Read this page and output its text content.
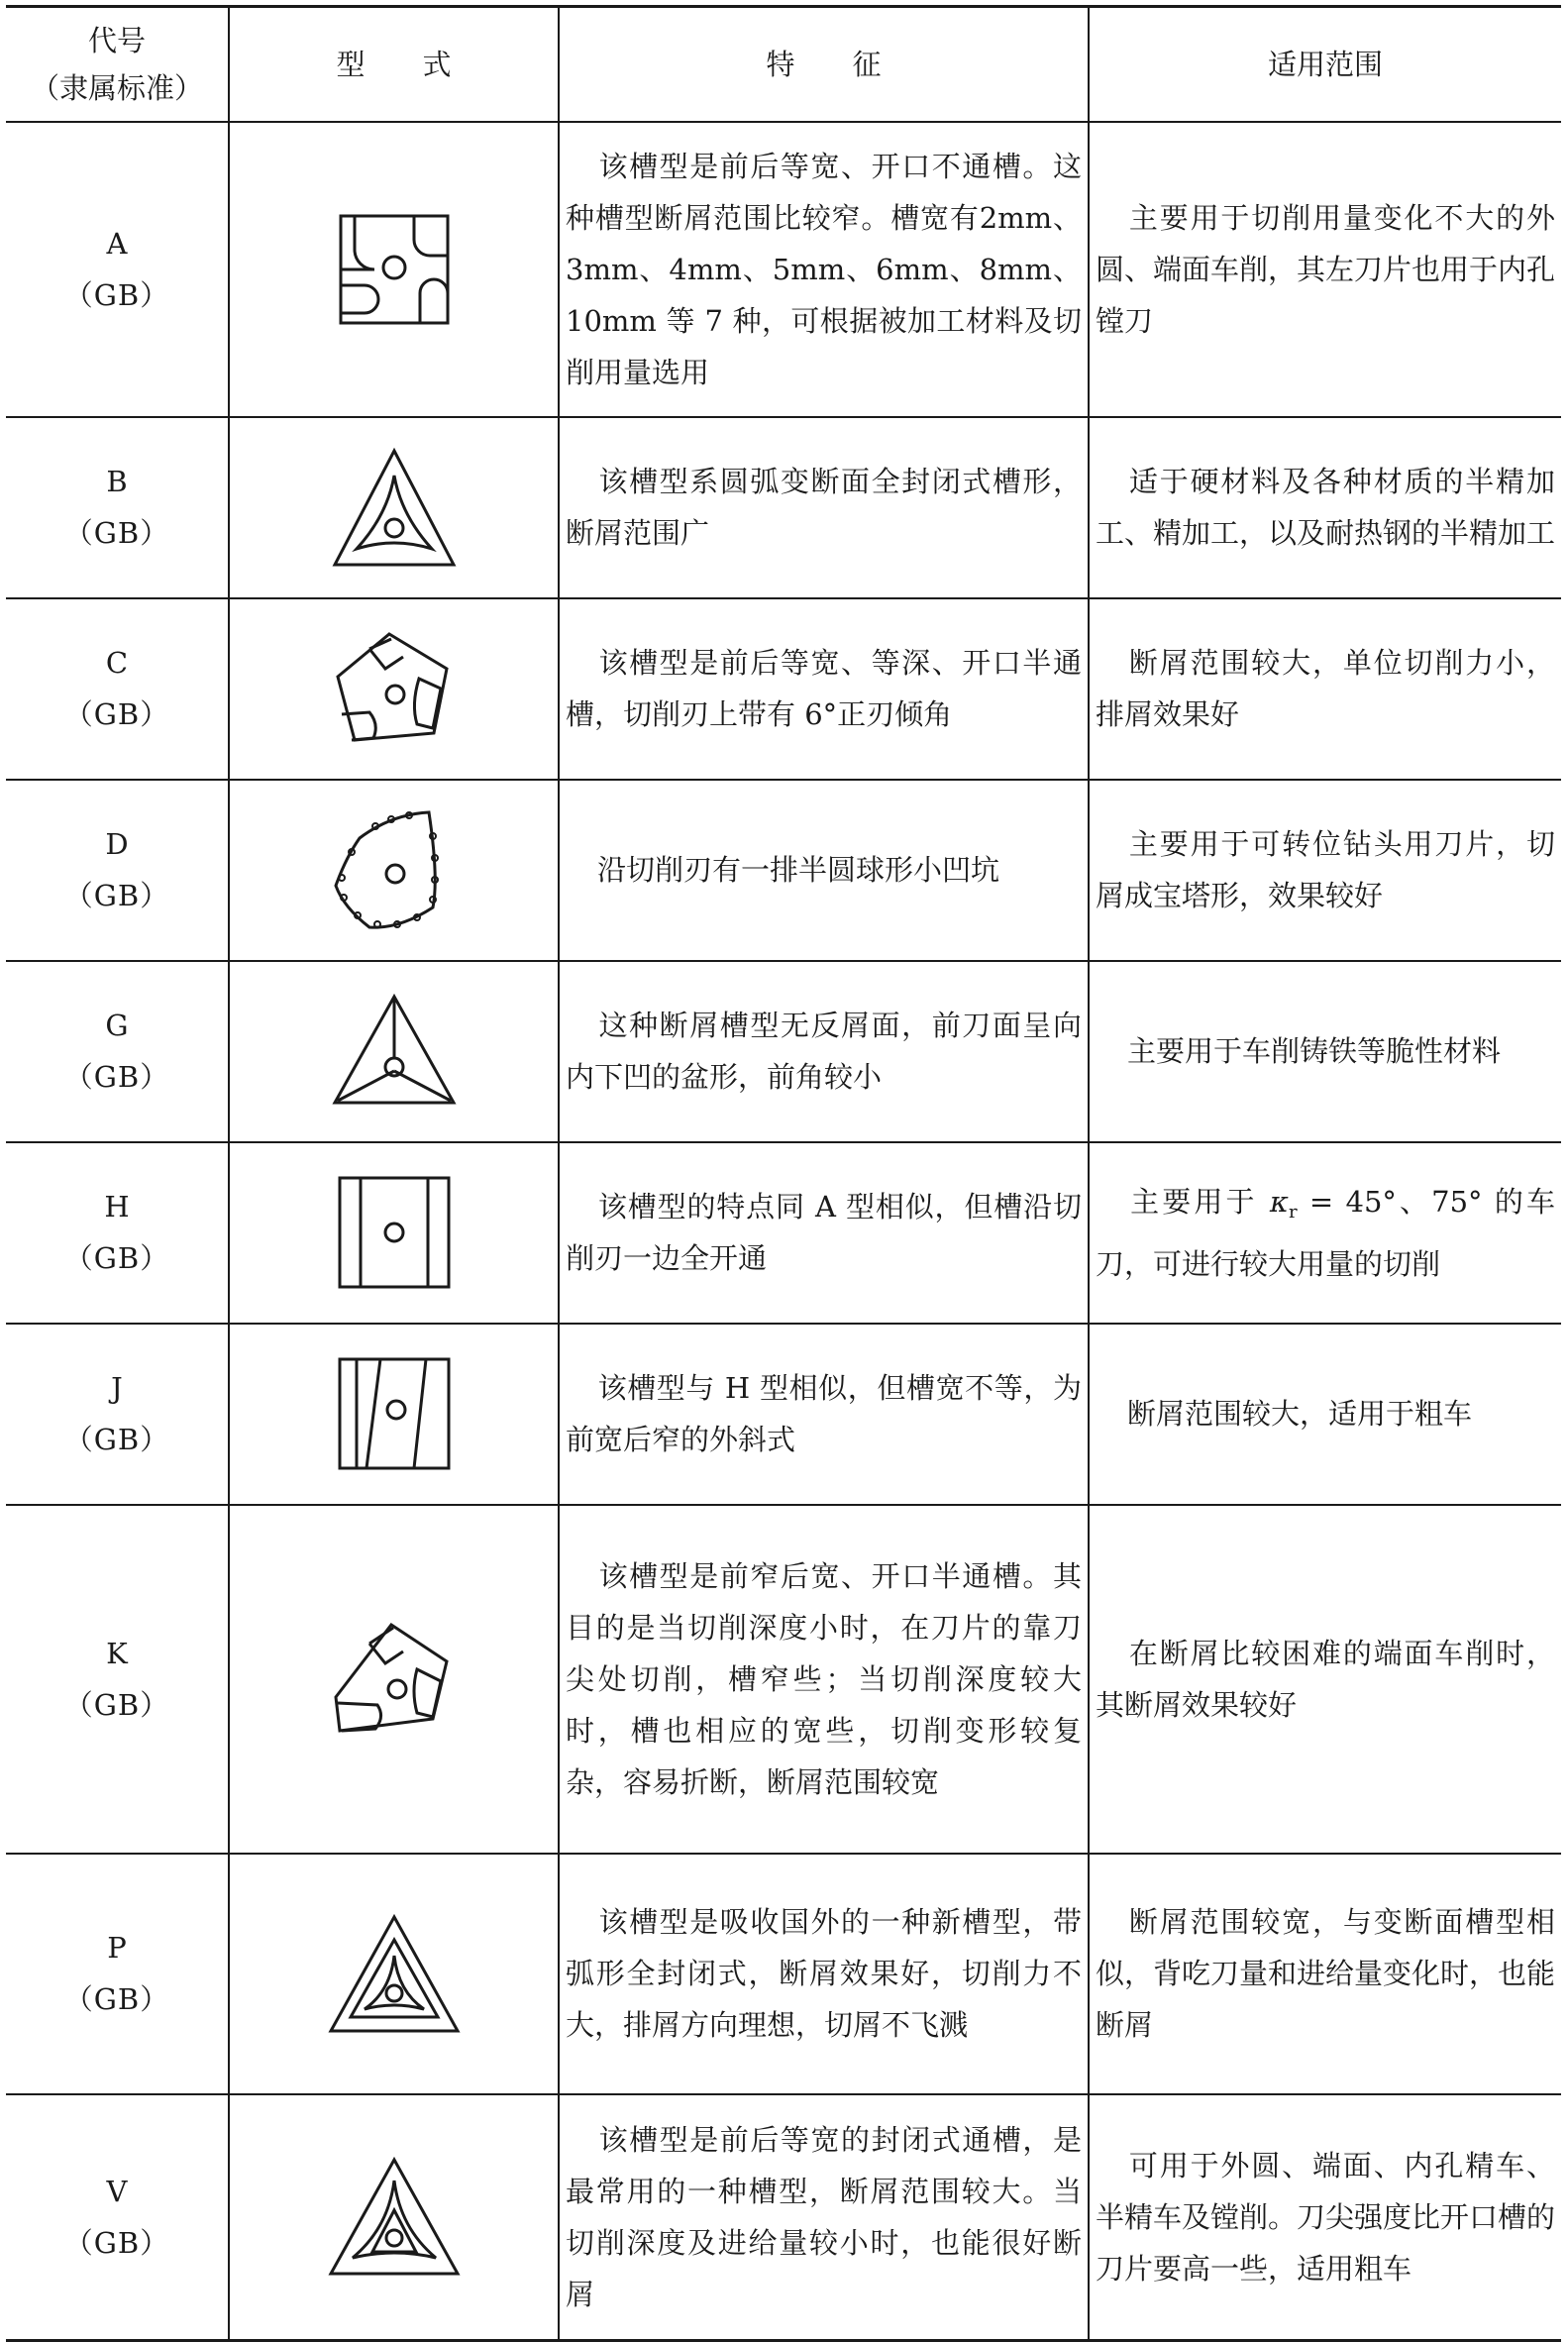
代号
（隶属标准）	型　　式	特　　征	适用范围

A
（GB）		该槽型是前后等宽、开口不通槽。这种槽型断屑范围比较窄。槽宽有2mm、3mm、4mm、5mm、6mm、8mm、10mm 等 7 种，可根据被加工材料及切削用量选用	主要用于切削用量变化不大的外圆、端面车削，其左刀片也用于内孔镗刀

B
（GB）		该槽型系圆弧变断面全封闭式槽形，断屑范围广	适于硬材料及各种材质的半精加工、精加工，以及耐热钢的半精加工

C
（GB）		该槽型是前后等宽、等深、开口半通槽，切削刃上带有 6°正刃倾角	断屑范围较大，单位切削力小，排屑效果好

D
（GB）		沿切削刃有一排半圆球形小凹坑	主要用于可转位钻头用刀片，切屑成宝塔形，效果较好

G
（GB）		这种断屑槽型无反屑面，前刀面呈向内下凹的盆形，前角较小	主要用于车削铸铁等脆性材料

H
（GB）		该槽型的特点同 A 型相似，但槽沿切削刃一边全开通	主要用于 $\kappa_r = 45^\circ$、75° 的车刀，可进行较大用量的切削

J
（GB）		该槽型与 H 型相似，但槽宽不等，为前宽后窄的外斜式	断屑范围较大，适用于粗车

K
（GB）		该槽型是前窄后宽、开口半通槽。其目的是当切削深度小时，在刀片的靠刀尖处切削，槽窄些；当切削深度较大时，槽也相应的宽些，切削变形较复杂，容易折断，断屑范围较宽	在断屑比较困难的端面车削时，其断屑效果较好

P
（GB）		该槽型是吸收国外的一种新槽型，带弧形全封闭式，断屑效果好，切削力不大，排屑方向理想，切屑不飞溅	断屑范围较宽，与变断面槽型相似，背吃刀量和进给量变化时，也能断屑

V
（GB）		该槽型是前后等宽的封闭式通槽，是最常用的一种槽型，断屑范围较大。当切削深度及进给量较小时，也能很好断屑	可用于外圆、端面、内孔精车、半精车及镗削。刀尖强度比开口槽的刀片要高一些，适用粗车
